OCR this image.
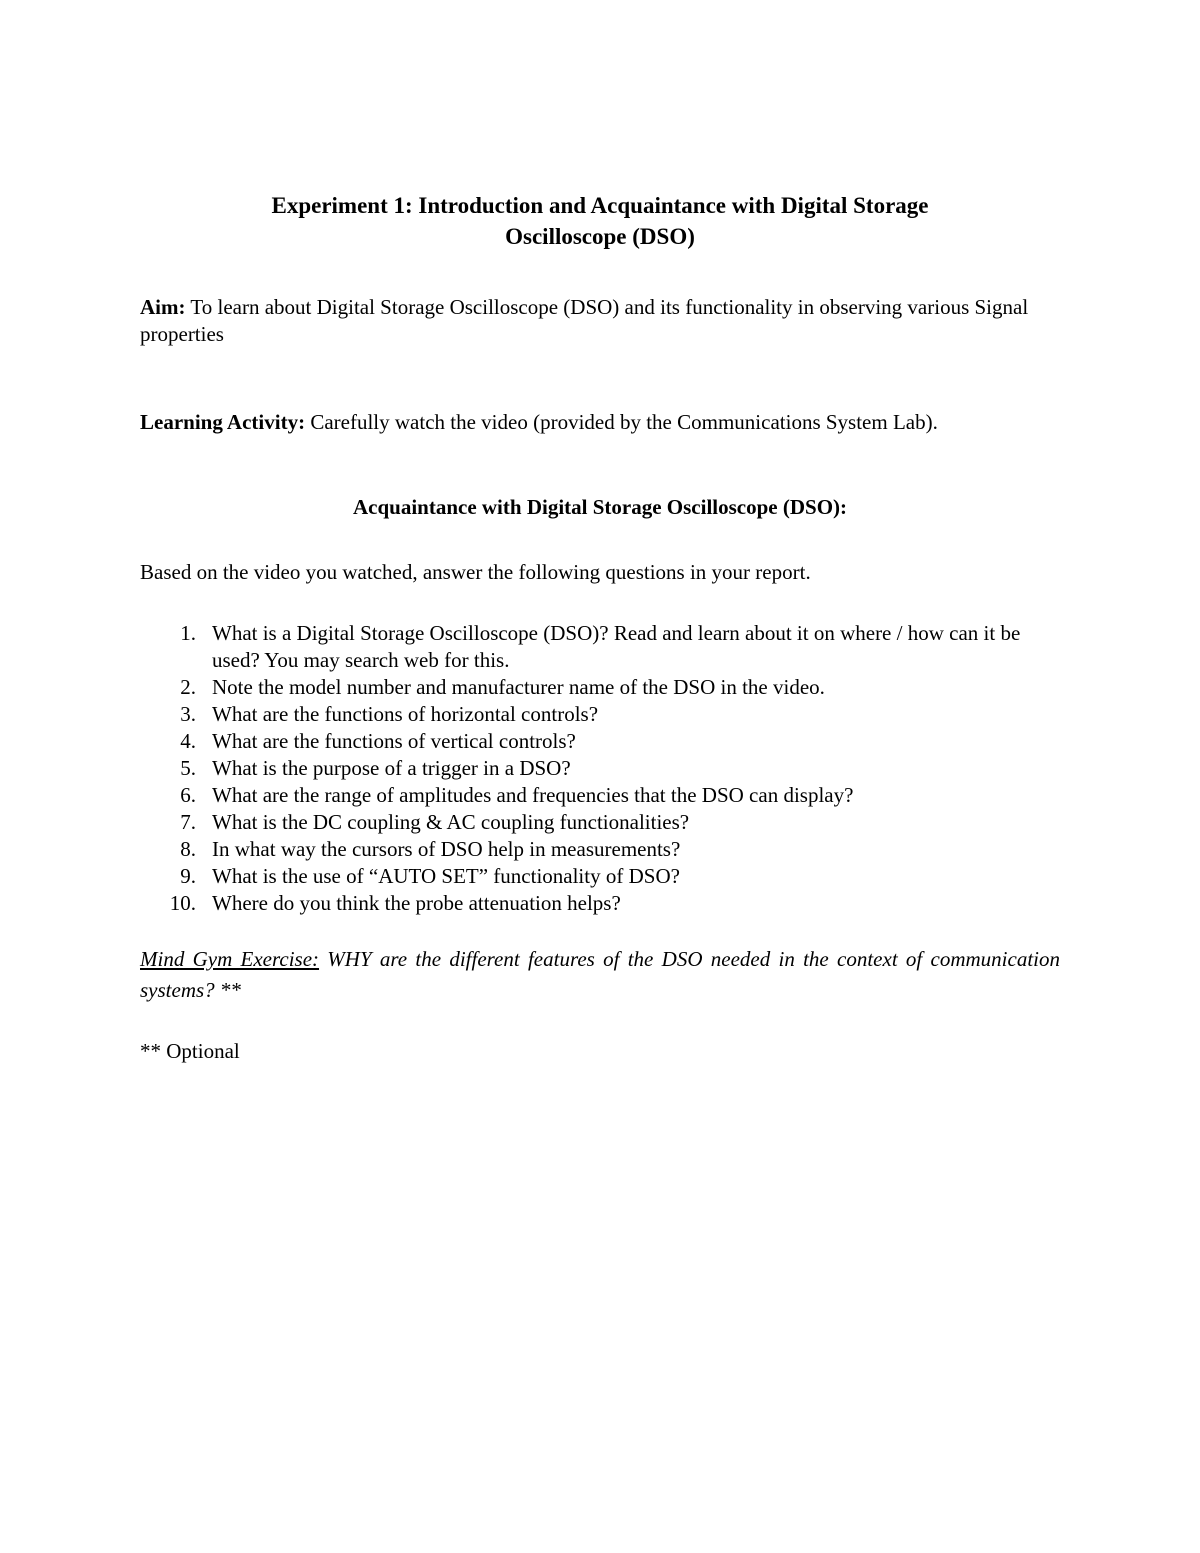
Experiment 1: Introduction and Acquaintance with Digital Storage
Oscilloscope (DSO)
Aim: To learn about Digital Storage Oscilloscope (DSO) and its functionality in observing various Signal properties
Learning Activity: Carefully watch the video (provided by the Communications System Lab).
Acquaintance with Digital Storage Oscilloscope (DSO):
Based on the video you watched, answer the following questions in your report.
1. What is a Digital Storage Oscilloscope (DSO)? Read and learn about it on where / how can it be used? You may search web for this.
2. Note the model number and manufacturer name of the DSO in the video.
3. What are the functions of horizontal controls?
4. What are the functions of vertical controls?
5. What is the purpose of a trigger in a DSO?
6. What are the range of amplitudes and frequencies that the DSO can display?
7. What is the DC coupling & AC coupling functionalities?
8. In what way the cursors of DSO help in measurements?
9. What is the use of “AUTO SET” functionality of DSO?
10. Where do you think the probe attenuation helps?
Mind Gym Exercise: WHY are the different features of the DSO needed in the context of communication systems? **
** Optional
